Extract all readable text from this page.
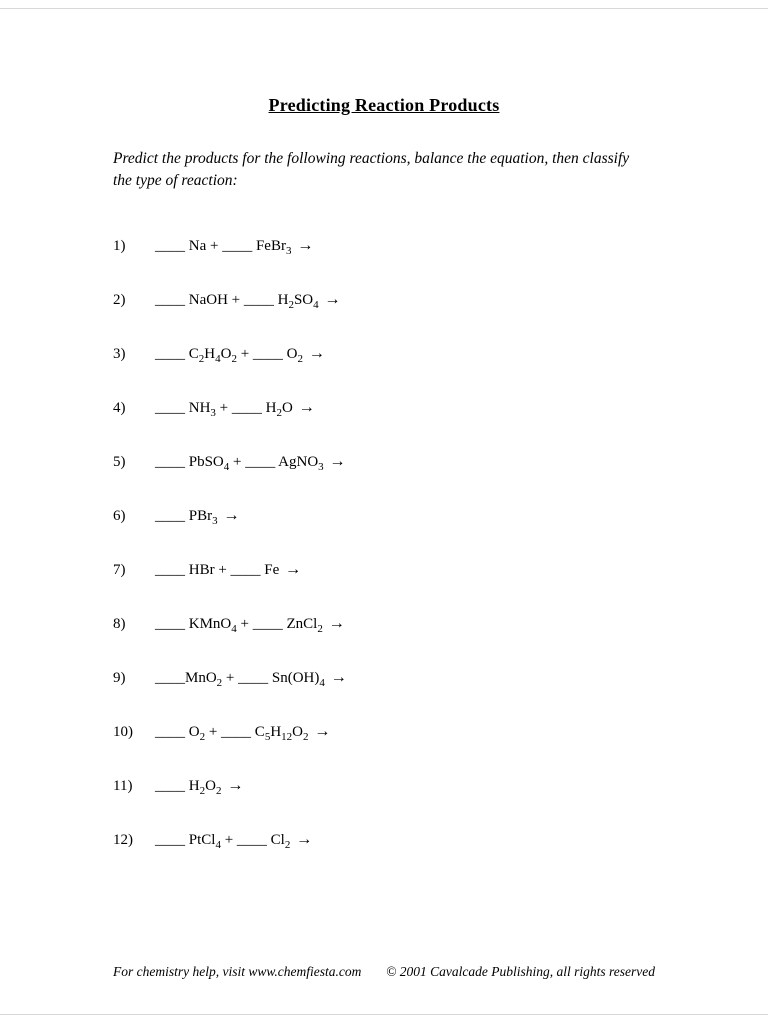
Predicting Reaction Products

Predict the products for the following reactions, balance the equation, then classify the type of reaction:

1)	____ Na + ____ FeBr$_3$ →
2)	____ NaOH + ____ $H_2SO_4$ →
3)	____ $C_2H_4O_2$ + ____ $O_2$ →
4)	____ $NH_3$ + ____ $H_2O$ →
5)	____ PbSO$_4$ + ____ AgNO$_3$ →
6)	____ PBr$_3$ →
7)	____ HBr + ____ Fe →
8)	____ KMnO$_4$ + ____ ZnCl$_2$ →
9)	____MnO$_2$ + ____ $Sn(OH)_4$ →
10)	____ $O_2$ + ____ $C_5H_{12}O_2$ →
11)	____ $H_2O_2$ →
12)	____ PtCl$_4$ + ____ $Cl_2$ →
For chemistry help, visit www.chemfiesta.com © 2001 Cavalcade Publishing, all rights reserved
